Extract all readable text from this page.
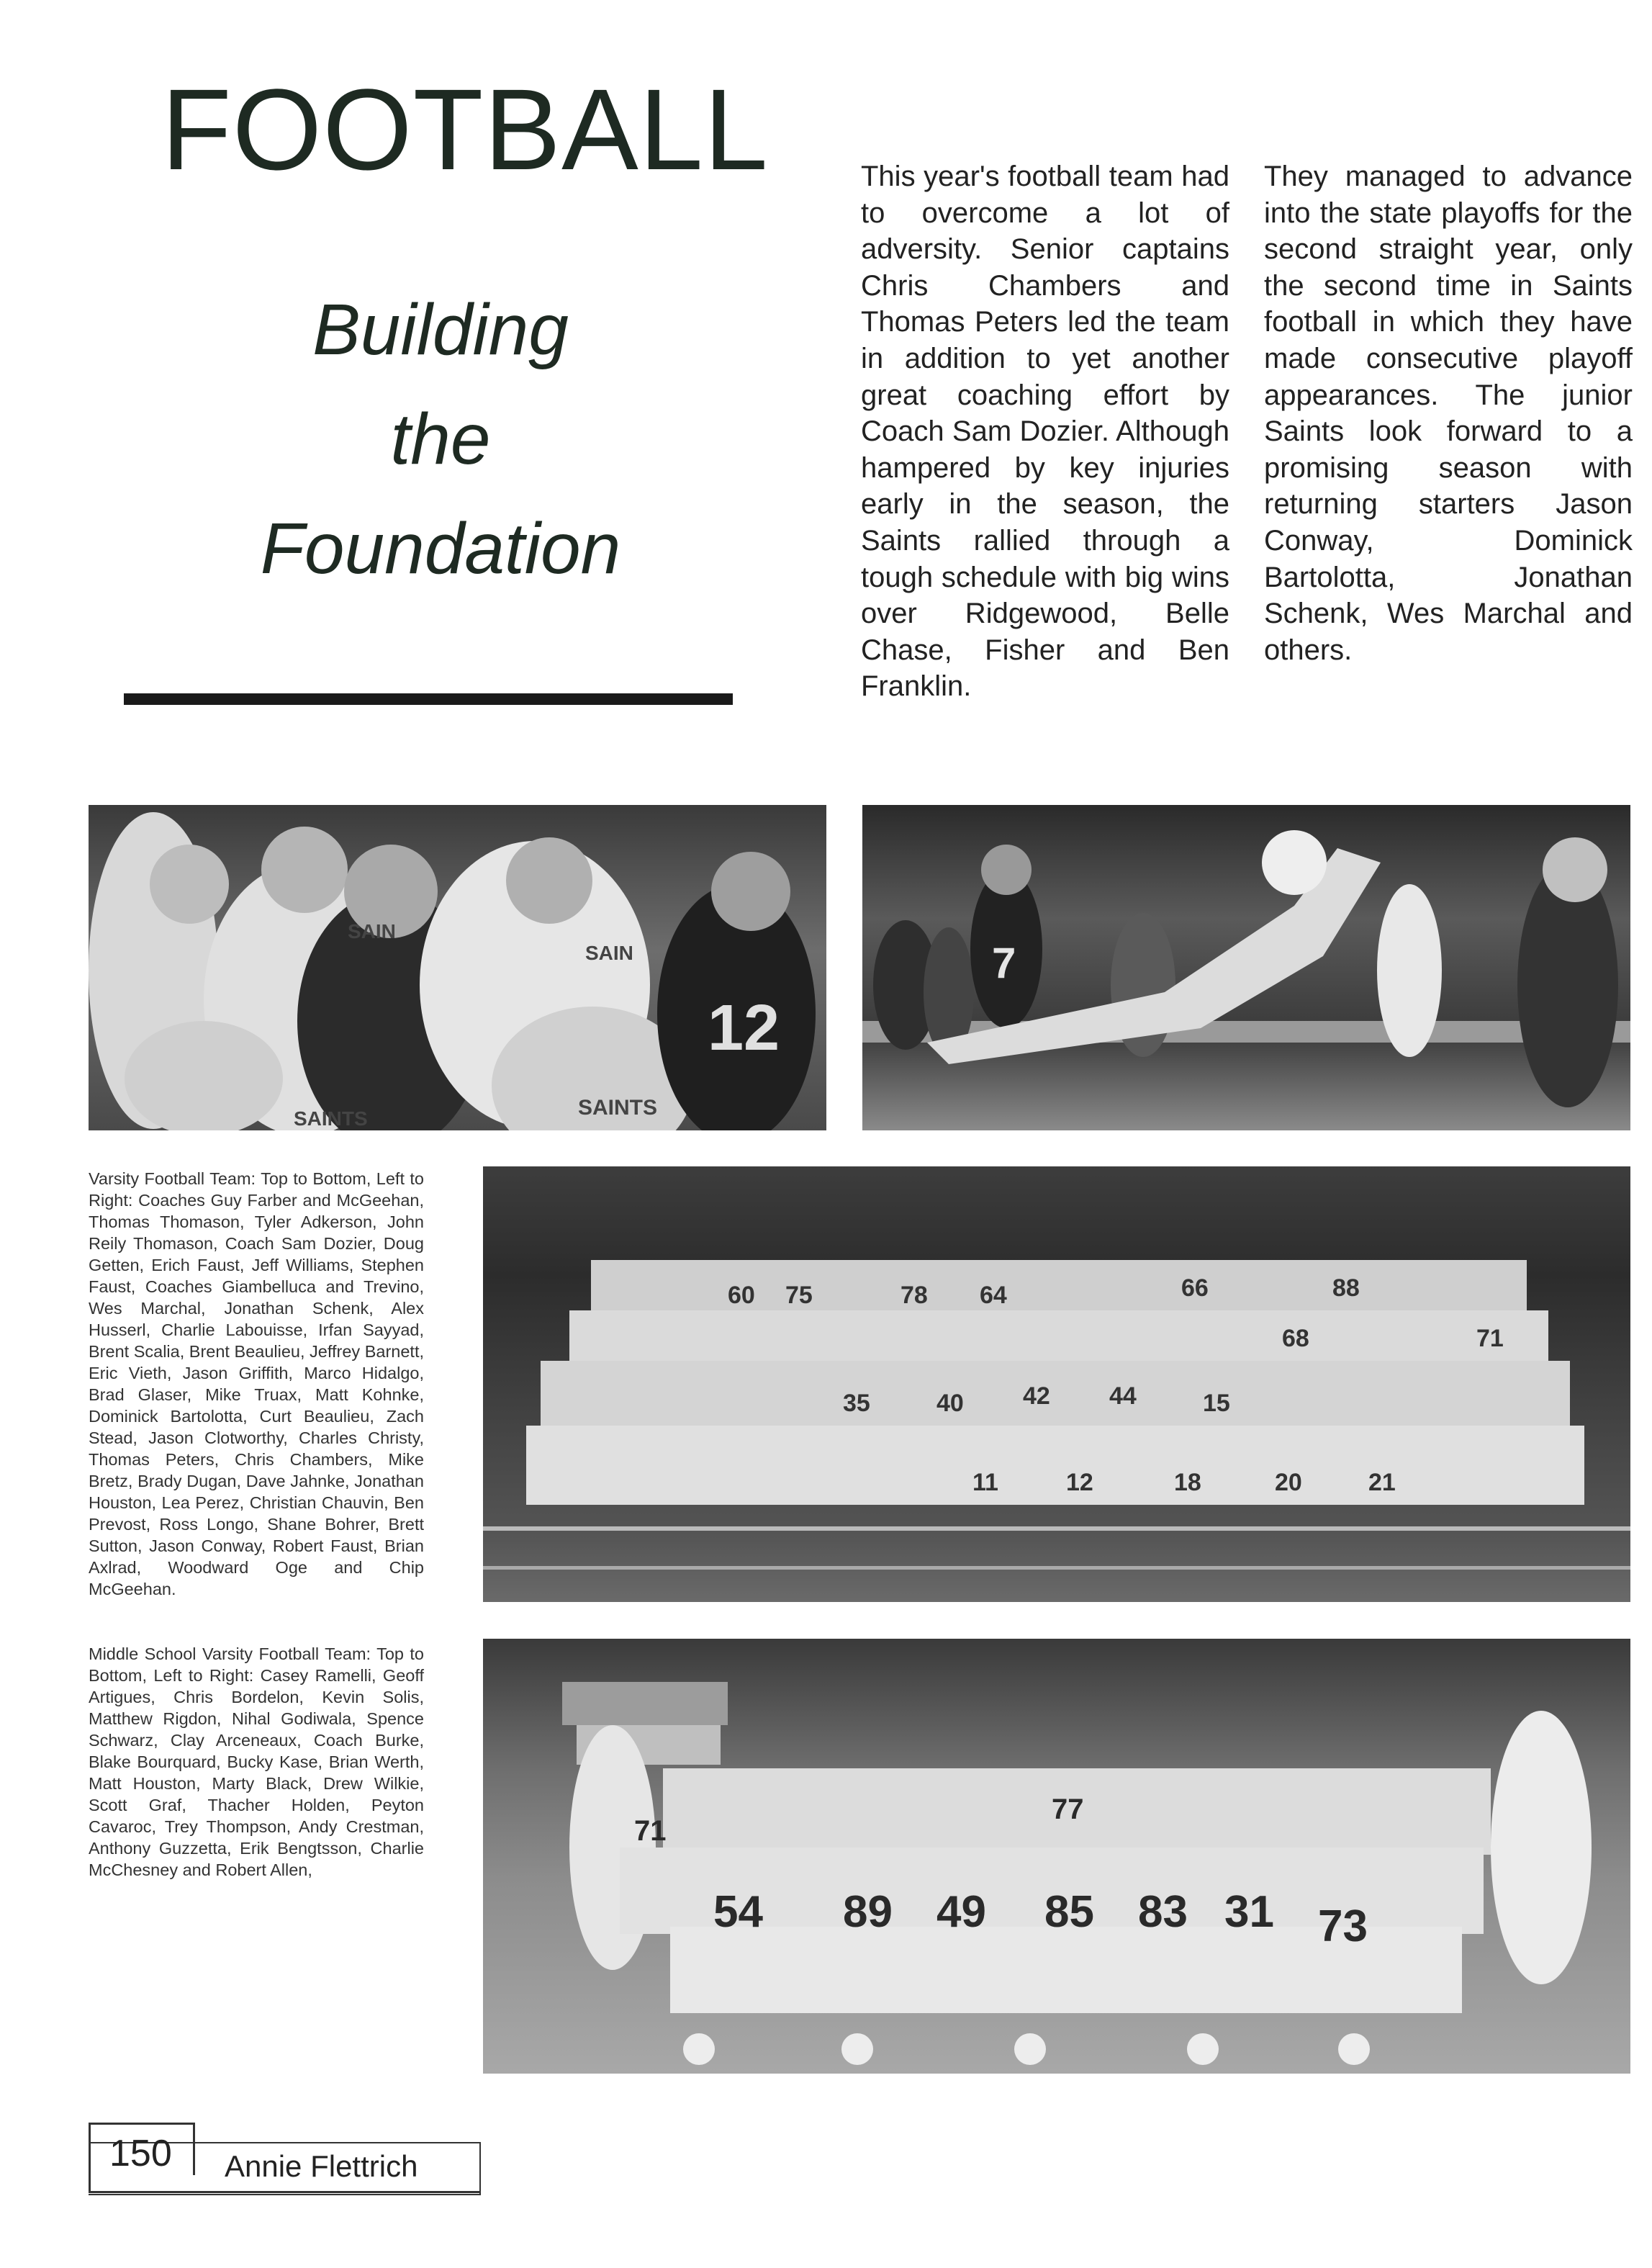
FOOTBALL
Building
the
Foundation
This year's football team had to overcome a lot of adversity. Senior captains Chris Chambers and Thomas Peters led the team in addition to yet another great coaching effort by Coach Sam Dozier. Although hampered by key injuries early in the season, the Saints rallied through a tough schedule with big wins over Ridgewood, Belle Chase, Fisher and Ben Franklin.
They managed to advance into the state playoffs for the second straight year, only the second time in Saints football in which they have made consecutive playoff appearances. The junior Saints look forward to a promising season with returning starters Jason Conway, Dominick Bartolotta, Jonathan Schenk, Wes Marchal and others.
SAIN
SAIN
SAINTS
SAINTS
12
7
60 75	78 64	66	88
68	71
35	40 42 44	15
20	21
11	12	18
54 89 49 85 83 31 73
71
77
Varsity Football Team: Top to Bottom, Left to Right: Coaches Guy Farber and McGeehan, Thomas Thomason, Tyler Adkerson, John Reily Thomason, Coach Sam Dozier, Doug Getten, Erich Faust, Jeff Williams, Stephen Faust, Coaches Giambelluca and Trevino, Wes Marchal, Jonathan Schenk, Alex Husserl, Charlie Labouisse, Irfan Sayyad, Brent Scalia, Brent Beaulieu, Jeffrey Barnett, Eric Vieth, Jason Griffith, Marco Hidalgo, Brad Glaser, Mike Truax, Matt Kohnke, Dominick Bartolotta, Curt Beaulieu, Zach Stead, Jason Clotworthy, Charles Christy, Thomas Peters, Chris Chambers, Mike Bretz, Brady Dugan, Dave Jahnke, Jonathan Houston, Lea Perez, Christian Chauvin, Ben Prevost, Ross Longo, Shane Bohrer, Brett Sutton, Jason Conway, Robert Faust, Brian Axlrad, Woodward Oge and Chip McGeehan.
Middle School Varsity Football Team: Top to Bottom, Left to Right: Casey Ramelli, Geoff Artigues, Chris Bordelon, Kevin Solis, Matthew Rigdon, Nihal Godiwala, Spence Schwarz, Clay Arceneaux, Coach Burke, Blake Bourquard, Bucky Kase, Brian Werth, Matt Houston, Marty Black, Drew Wilkie, Scott Graf, Thacher Holden, Peyton Cavaroc, Trey Thompson, Andy Crestman, Anthony Guzzetta, Erik Bengtsson, Charlie McChesney and Robert Allen,
150 Annie Flettrich
